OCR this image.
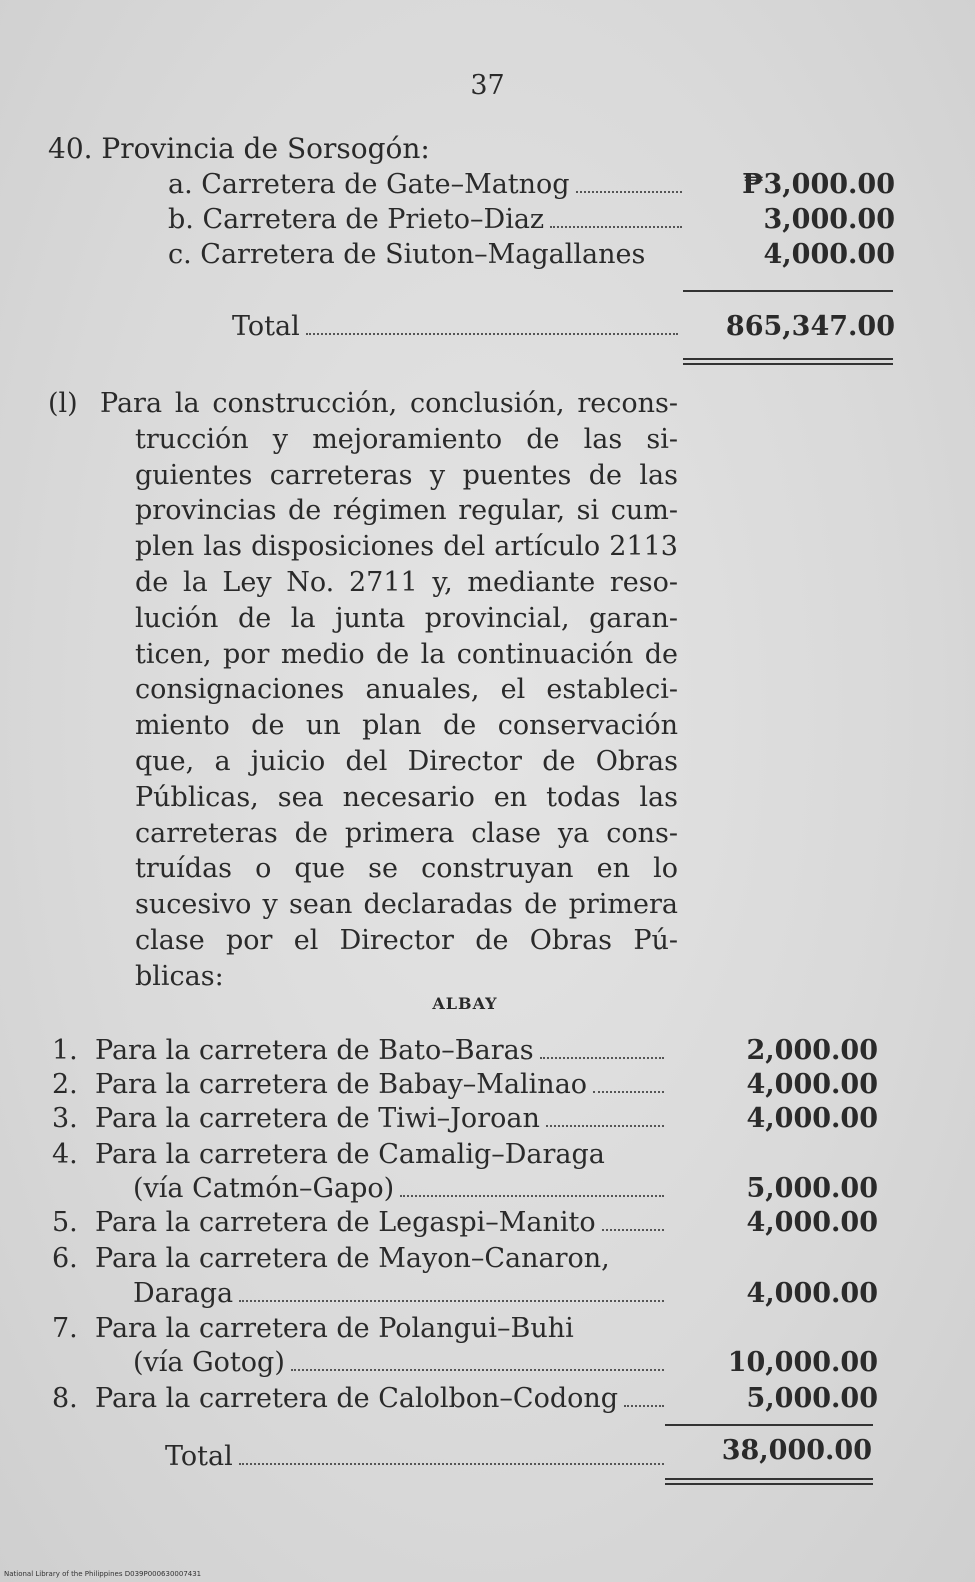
37
40. Provincia de Sorsogón:
a. Carretera de Gate–Matnog	₱3,000.00
b. Carretera de Prieto–Diaz	3,000.00
c. Carretera de Siuton–Magallanes	4,000.00
Total	865,347.00
(l) Para la construcción, conclusión, recons-
trucción y mejoramiento de las si-
guientes carreteras y puentes de las
provincias de régimen regular, si cum-
plen las disposiciones del artículo 2113
de la Ley No. 2711 y, mediante reso-
lución de la junta provincial, garan-
ticen, por medio de la continuación de
consignaciones anuales, el estableci-
miento de un plan de conservación
que, a juicio del Director de Obras
Públicas, sea necesario en todas las
carreteras de primera clase ya cons-
truídas o que se construyan en lo
sucesivo y sean declaradas de primera
clase por el Director de Obras Pú-
blicas:
ALBAY
1. Para la carretera de Bato–Baras	2,000.00
2. Para la carretera de Babay–Malinao	4,000.00
3. Para la carretera de Tiwi–Joroan	4,000.00
4. Para la carretera de Camalig–Daraga
(vía Catmón–Gapo)	5,000.00
5. Para la carretera de Legaspi–Manito	4,000.00
6. Para la carretera de Mayon–Canaron,
Daraga	4,000.00
7. Para la carretera de Polangui–Buhi
(vía Gotog)	10,000.00
8. Para la carretera de Calolbon–Codong	5,000.00
Total	38,000.00
National Library of the Philippines D039P000630007431
